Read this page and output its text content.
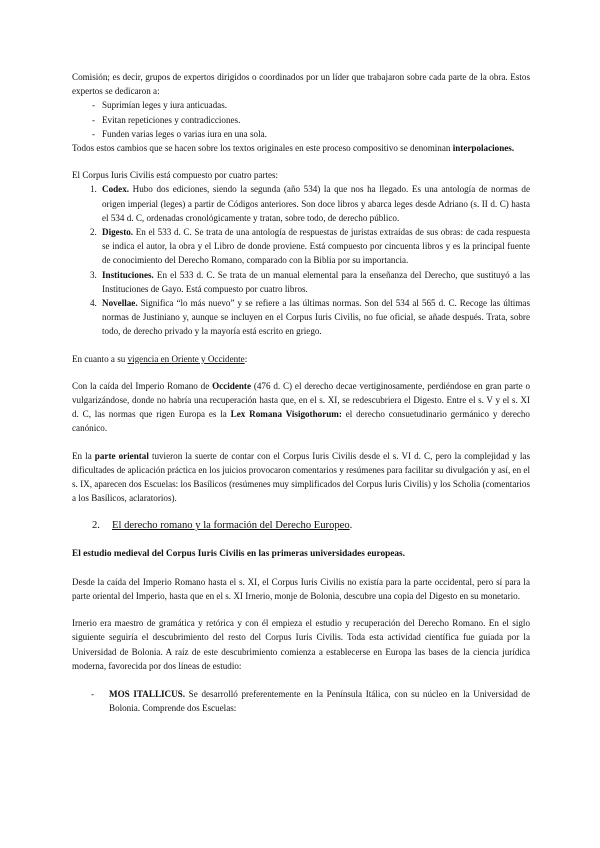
Comisión; es decir, grupos de expertos dirigidos o coordinados por un líder que trabajaron sobre cada parte de la obra. Estos expertos se dedicaron a:

- Suprimían leges y iura anticuadas.
- Evitan repeticiones y contradicciones.
- Funden varias leges o varias iura en una sola.

Todos estos cambios que se hacen sobre los textos originales en este proceso compositivo se denominan interpolaciones.

El Corpus Iuris Civilis está compuesto por cuatro partes:

1. Codex. Hubo dos ediciones, siendo la segunda (año 534) la que nos ha llegado. Es una antología de normas de origen imperial (leges) a partir de Códigos anteriores. Son doce libros y abarca leges desde Adriano (s. II d. C) hasta el 534 d. C, ordenadas cronológicamente y tratan, sobre todo, de derecho público.
2. Digesto. En el 533 d. C. Se trata de una antología de respuestas de juristas extraídas de sus obras: de cada respuesta se indica el autor, la obra y el Libro de donde proviene. Está compuesto por cincuenta libros y es la principal fuente de conocimiento del Derecho Romano, comparado con la Biblia por su importancia.
3. Instituciones. En el 533 d. C. Se trata de un manual elemental para la enseñanza del Derecho, que sustituyó a las Instituciones de Gayo. Está compuesto por cuatro libros.
4. Novellae. Significa “lo más nuevo” y se refiere a las últimas normas. Son del 534 al 565 d. C. Recoge las últimas normas de Justiniano y, aunque se incluyen en el Corpus Iuris Civilis, no fue oficial, se añade después. Trata, sobre todo, de derecho privado y la mayoría está escrito en griego.

En cuanto a su vigencia en Oriente y Occidente:

Con la caída del Imperio Romano de Occidente (476 d. C) el derecho decae vertiginosamente, perdiéndose en gran parte o vulgarizándose, donde no habría una recuperación hasta que, en el s. XI, se redescubriera el Digesto. Entre el s. V y el s. XI d. C, las normas que rigen Europa es la Lex Romana Visigothorum: el derecho consuetudinario germánico y derecho canónico.

En la parte oriental tuvieron la suerte de contar con el Corpus Iuris Civilis desde el s. VI d. C, pero la complejidad y las dificultades de aplicación práctica en los juicios provocaron comentarios y resúmenes para facilitar su divulgación y así, en el s. IX, aparecen dos Escuelas: los Basílicos (resúmenes muy simplificados del Corpus Iuris Civilis) y los Scholia (comentarios a los Basílicos, aclaratorios).

2. El derecho romano y la formación del Derecho Europeo.

El estudio medieval del Corpus Iuris Civilis en las primeras universidades europeas.

Desde la caída del Imperio Romano hasta el s. XI, el Corpus Iuris Civilis no existía para la parte occidental, pero sí para la parte oriental del Imperio, hasta que en el s. XI Irnerio, monje de Bolonia, descubre una copia del Digesto en su monetario.

Irnerio era maestro de gramática y retórica y con él empieza el estudio y recuperación del Derecho Romano. En el siglo siguiente seguiría el descubrimiento del resto del Corpus Iuris Civilis. Toda esta actividad científica fue guiada por la Universidad de Bolonia. A raíz de este descubrimiento comienza a establecerse en Europa las bases de la ciencia jurídica moderna, favorecida por dos líneas de estudio:

- MOS ITALLICUS. Se desarrolló preferentemente en la Península Itálica, con su núcleo en la Universidad de Bolonia. Comprende dos Escuelas:
